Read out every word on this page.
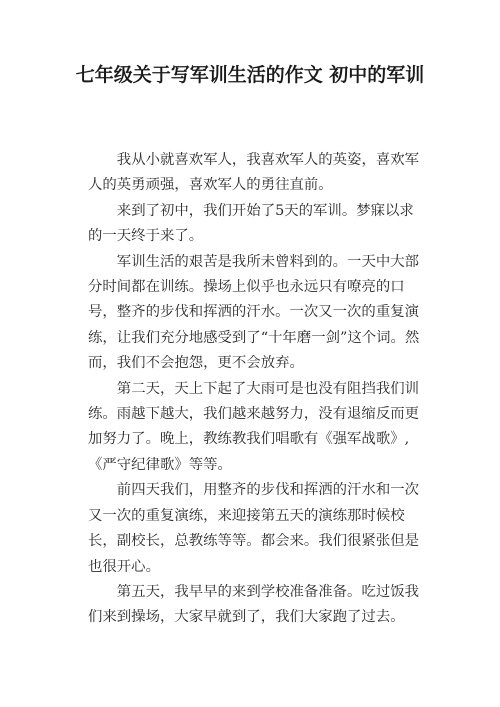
七年级关于写军训生活的作文 初中的军训

我从小就喜欢军人，我喜欢军人的英姿，喜欢军人的英勇顽强，喜欢军人的勇往直前。

来到了初中，我们开始了5天的军训。梦寐以求的一天终于来了。

军训生活的艰苦是我所未曾料到的。一天中大部分时间都在训练。操场上似乎也永远只有嘹亮的口号，整齐的步伐和挥洒的汗水。一次又一次的重复演练，让我们充分地感受到了“十年磨一剑”这个词。然而，我们不会抱怨，更不会放弃。

第二天，天上下起了大雨可是也没有阻挡我们训练。雨越下越大，我们越来越努力，没有退缩反而更加努力了。晚上，教练教我们唱歌有《强军战歌》,《严守纪律歌》等等。

前四天我们，用整齐的步伐和挥洒的汗水和一次又一次的重复演练，来迎接第五天的演练那时候校长，副校长，总教练等等。都会来。我们很紧张但是也很开心。

第五天，我早早的来到学校准备准备。吃过饭我们来到操场，大家早就到了，我们大家跑了过去。
